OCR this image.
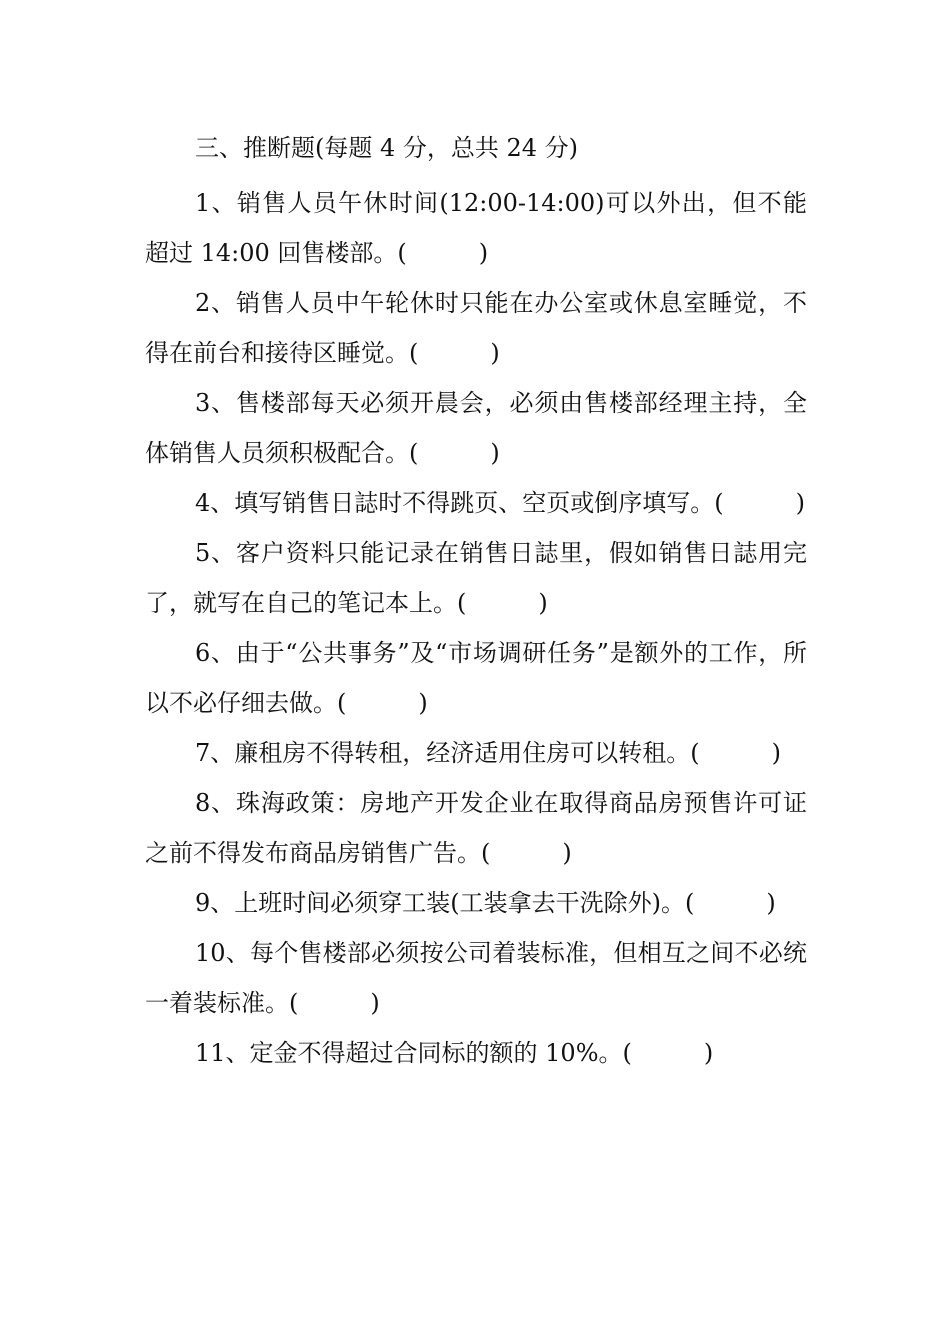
三、推断题(每题 4 分，总共 24 分)

1、销售人员午休时间(12:00-14:00)可以外出，但不能超过 14:00 回售楼部。(　　　)

2、销售人员中午轮休时只能在办公室或休息室睡觉，不得在前台和接待区睡觉。(　　　)

3、售楼部每天必须开晨会，必须由售楼部经理主持，全体销售人员须积极配合。(　　　)

4、填写销售日誌时不得跳页、空页或倒序填写。(　　　)

5、客户资料只能记录在销售日誌里，假如销售日誌用完了，就写在自己的笔记本上。(　　　)

6、由于“公共事务”及“市场调研任务”是额外的工作，所以不必仔细去做。(　　　)

7、廉租房不得转租，经济适用住房可以转租。(　　　)

8、珠海政策：房地产开发企业在取得商品房预售许可证之前不得发布商品房销售广告。(　　　)

9、上班时间必须穿工装(工装拿去干洗除外)。(　　　)

10、每个售楼部必须按公司着装标准，但相互之间不必统一着装标准。(　　　)

11、定金不得超过合同标的额的 10%。(　　　)
